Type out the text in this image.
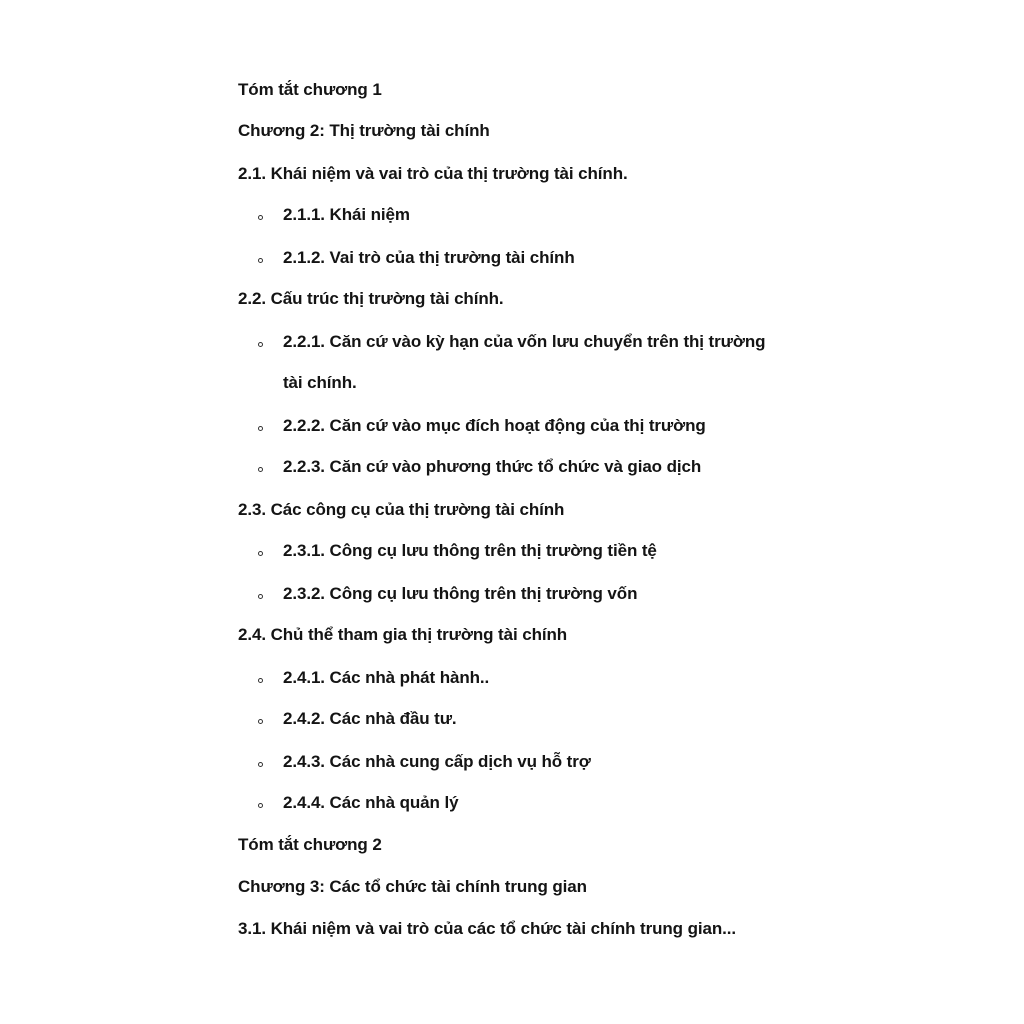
Tóm tắt chương 1
Chương 2: Thị trường tài chính
2.1. Khái niệm và vai trò của thị trường tài chính.
2.1.1. Khái niệm
2.1.2. Vai trò của thị trường tài chính
2.2. Cấu trúc thị trường tài chính.
2.2.1. Căn cứ vào kỳ hạn của vốn lưu chuyển trên thị trường
tài chính.
2.2.2. Căn cứ vào mục đích hoạt động của thị trường
2.2.3. Căn cứ vào phương thức tổ chức và giao dịch
2.3. Các công cụ của thị trường tài chính
2.3.1. Công cụ lưu thông trên thị trường tiền tệ
2.3.2. Công cụ lưu thông trên thị trường vốn
2.4. Chủ thể tham gia thị trường tài chính
2.4.1. Các nhà phát hành..
2.4.2. Các nhà đầu tư.
2.4.3. Các nhà cung cấp dịch vụ hỗ trợ
2.4.4. Các nhà quản lý
Tóm tắt chương 2
Chương 3: Các tổ chức tài chính trung gian
3.1. Khái niệm và vai trò của các tổ chức tài chính trung gian...
